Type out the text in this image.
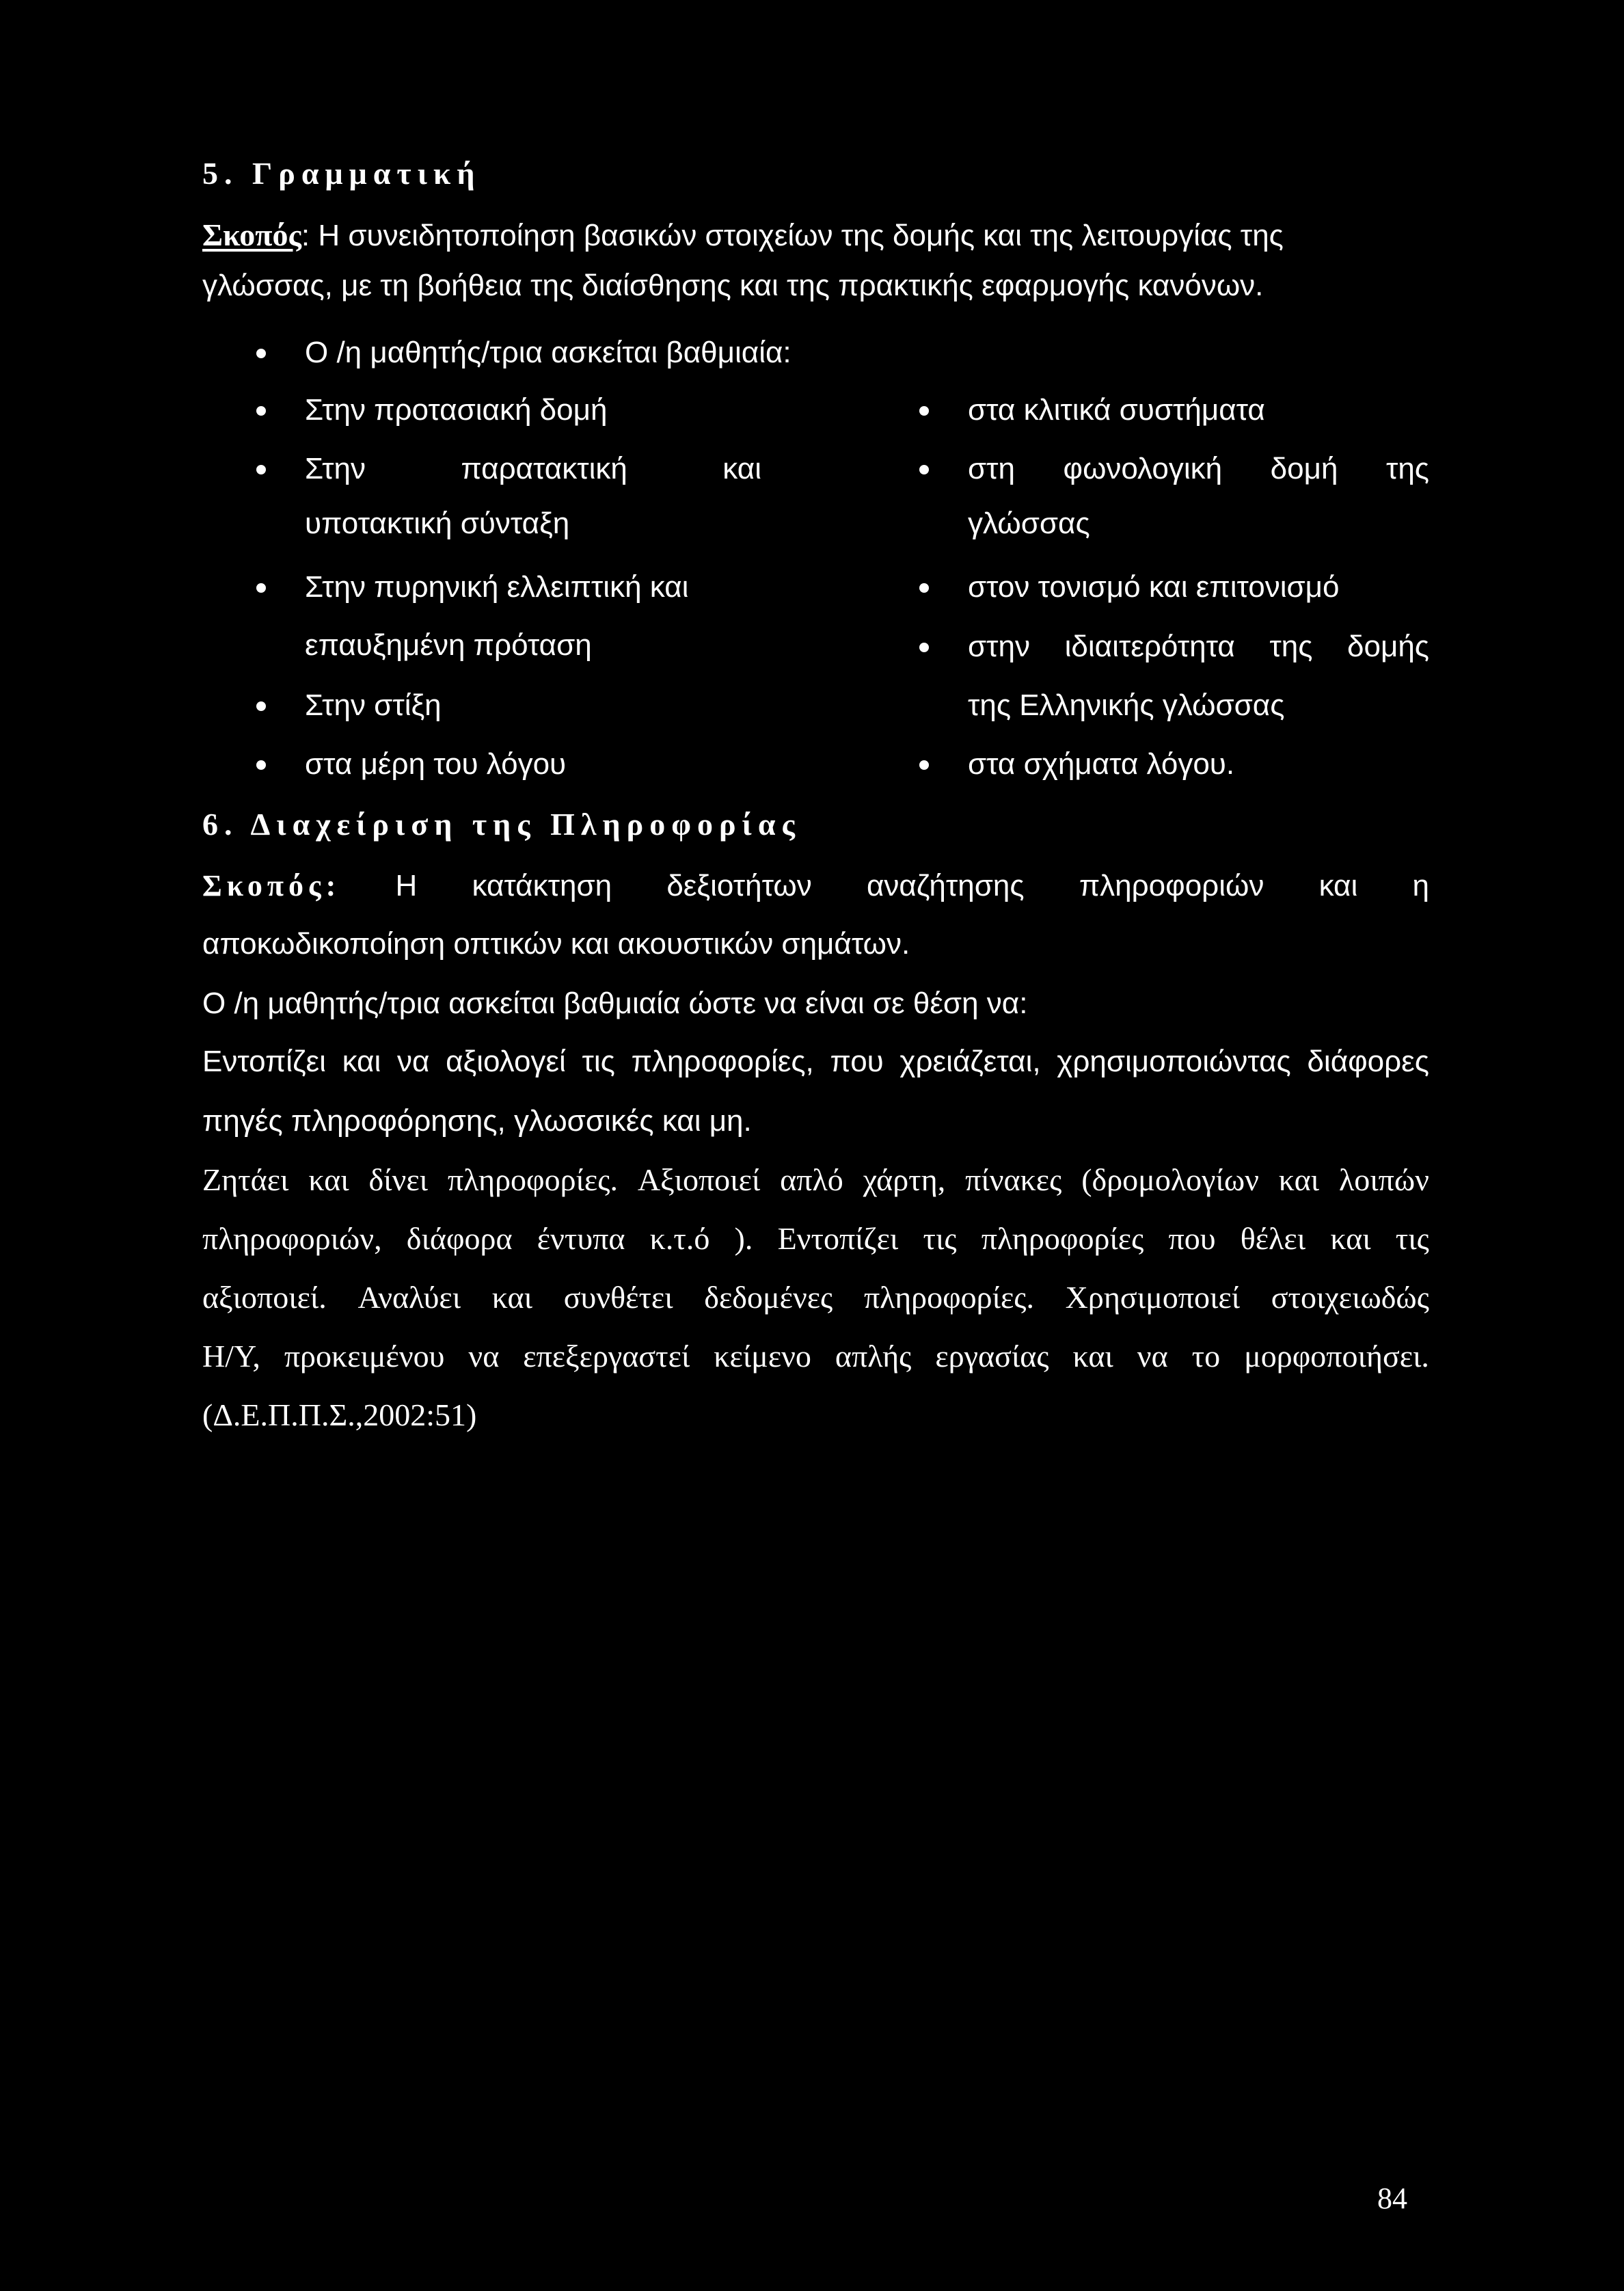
5. Γραμματική
Σκοπός: Η συνειδητοποίηση βασικών στοιχείων της δομής και της λειτουργίας της
γλώσσας, με τη βοήθεια της διαίσθησης και της πρακτικής εφαρμογής κανόνων.
Ο /η μαθητής/τρια ασκείται βαθμιαία:
Στην προτασιακή δομή
Στην	παρατακτική	και
υποτακτική σύνταξη
Στην πυρηνική ελλειπτική και
επαυξημένη πρόταση
Στην στίξη
στα μέρη του λόγου
στα κλιτικά συστήματα
στη φωνολογική δομή της
γλώσσας
στον τονισμό και επιτονισμό
στην ιδιαιτερότητα της δομής
της Ελληνικής γλώσσας
στα σχήματα λόγου.
6. Διαχείριση της Πληροφορίας
Σκοπός: Η κατάκτηση δεξιοτήτων αναζήτησης πληροφοριών και η
αποκωδικοποίηση οπτικών και ακουστικών σημάτων.
Ο /η μαθητής/τρια ασκείται βαθμιαία ώστε να είναι σε θέση να:
Εντοπίζει και να αξιολογεί τις πληροφορίες, που χρειάζεται, χρησιμοποιώντας διάφορες
πηγές πληροφόρησης, γλωσσικές και μη.
Ζητάει και δίνει πληροφορίες. Αξιοποιεί απλό χάρτη, πίνακες (δρομολογίων και λοιπών
πληροφοριών, διάφορα έντυπα κ.τ.ό ). Εντοπίζει τις πληροφορίες που θέλει και τις
αξιοποιεί. Αναλύει και συνθέτει δεδομένες πληροφορίες. Χρησιμοποιεί στοιχειωδώς
Η/Υ, προκειμένου να επεξεργαστεί κείμενο απλής εργασίας και να το μορφοποιήσει.
(Δ.Ε.Π.Π.Σ.,2002:51)
84
